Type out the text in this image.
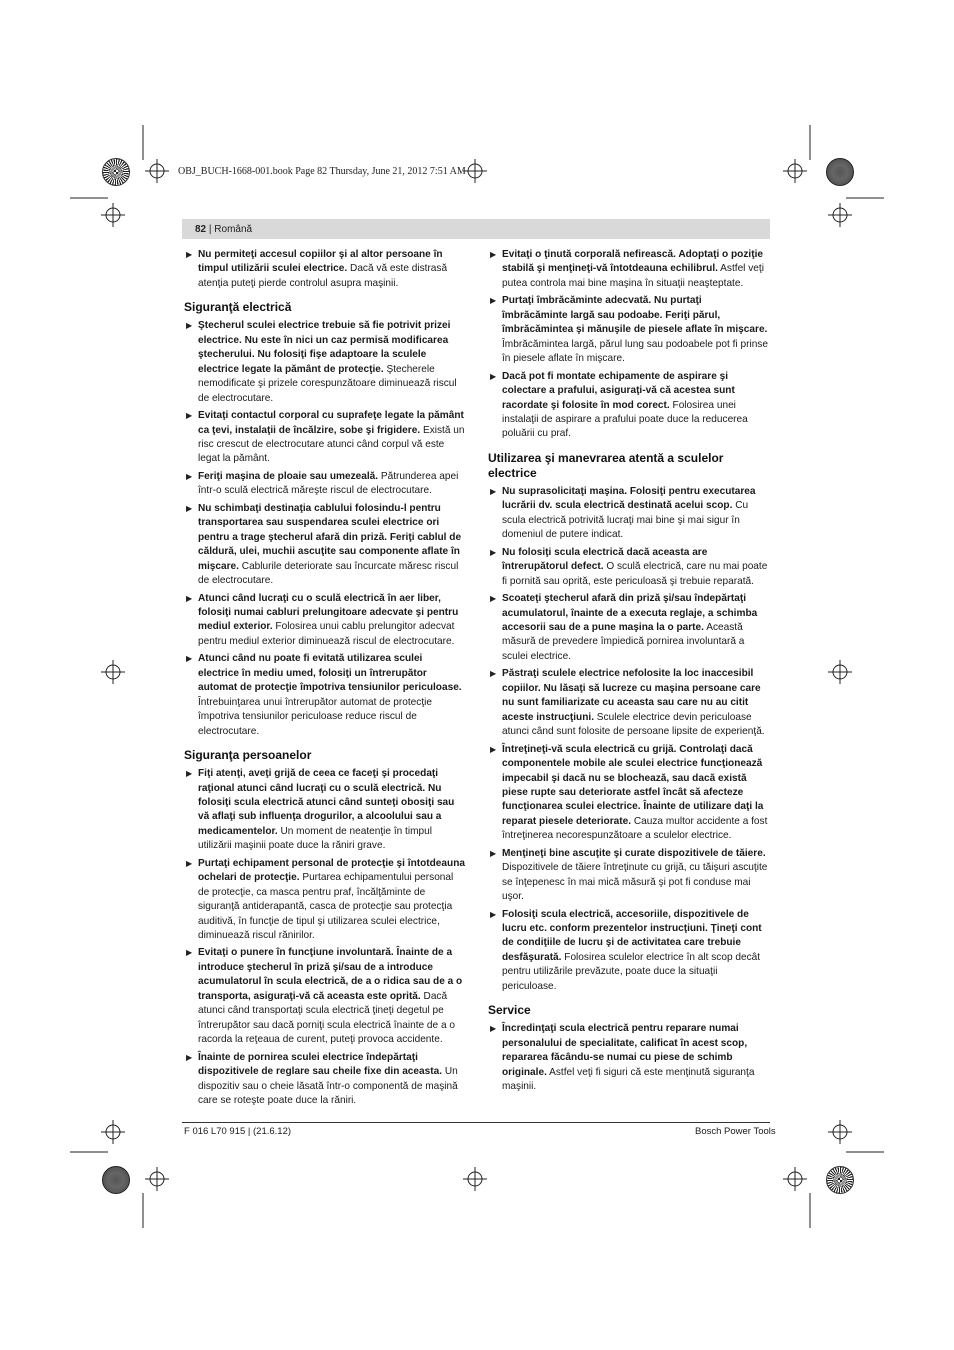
OBJ_BUCH-1668-001.book Page 82 Thursday, June 21, 2012 7:51 AM
82 | Română
▶ Nu permiteţi accesul copiilor şi al altor persoane în timpul utilizării sculei electrice. Dacă vă este distrasă atenţia puteţi pierde controlul asupra maşinii.
Siguranţă electrică
▶ Ştecherul sculei electrice trebuie să fie potrivit prizei electrice. Nu este în nici un caz permisă modificarea ştecherului. Nu folosiţi fişe adaptoare la sculele electrice legate la pământ de protecţie. Ştecherele nemodificate şi prizele corespunzătoare diminuează riscul de electrocutare.
▶ Evitaţi contactul corporal cu suprafeţe legate la pământ ca ţevi, instalaţii de încălzire, sobe şi frigidere. Există un risc crescut de electrocutare atunci când corpul vă este legat la pământ.
▶ Feriţi maşina de ploaie sau umezeală. Pătrunderea apei într-o sculă electrică măreşte riscul de electrocutare.
▶ Nu schimbaţi destinaţia cablului folosindu-l pentru transportarea sau suspendarea sculei electrice ori pentru a trage ştecherul afară din priză. Feriţi cablul de căldură, ulei, muchii ascuţite sau componente aflate în mişcare. Cablurile deteriorate sau încurcate măresc riscul de electrocutare.
▶ Atunci când lucraţi cu o sculă electrică în aer liber, folosiţi numai cabluri prelungitoare adecvate şi pentru mediul exterior. Folosirea unui cablu prelungitor adecvat pentru mediul exterior diminuează riscul de electrocutare.
▶ Atunci când nu poate fi evitată utilizarea sculei electrice în mediu umed, folosiţi un întrerupător automat de protecţie împotriva tensiunilor periculoase. Întrebuinţarea unui întrerupător automat de protecţie împotriva tensiunilor periculoase reduce riscul de electrocutare.
Siguranţa persoanelor
▶ Fiţi atenţi, aveţi grijă de ceea ce faceţi şi procedaţi raţional atunci când lucraţi cu o sculă electrică. Nu folosiţi scula electrică atunci când sunteţi obosiţi sau vă aflaţi sub influenţa drogurilor, a alcoolului sau a medicamentelor. Un moment de neatenţie în timpul utilizării maşinii poate duce la răniri grave.
▶ Purtaţi echipament personal de protecţie şi întotdeauna ochelari de protecţie. Purtarea echipamentului personal de protecţie, ca masca pentru praf, încălţăminte de siguranţă antiderapantă, casca de protecţie sau protecţia auditivă, în funcţie de tipul şi utilizarea sculei electrice, diminuează riscul rănirilor.
▶ Evitaţi o punere în funcţiune involuntară. Înainte de a introduce ştecherul în priză şi/sau de a introduce acumulatorul în scula electrică, de a o ridica sau de a o transporta, asiguraţi-vă că aceasta este oprită. Dacă atunci când transportaţi scula electrică ţineţi degetul pe întrerupător sau dacă porniţi scula electrică înainte de a o racorda la reţeaua de curent, puteţi provoca accidente.
▶ Înainte de pornirea sculei electrice îndepărtaţi dispozitivele de reglare sau cheile fixe din aceasta. Un dispozitiv sau o cheie lăsată într-o componentă de maşină care se roteşte poate duce la răniri.
▶ Evitaţi o ţinută corporală nefirească. Adoptaţi o poziţie stabilă şi menţineţi-vă întotdeauna echilibrul. Astfel veţi putea controla mai bine maşina în situaţii neaşteptate.
▶ Purtaţi îmbrăcăminte adecvată. Nu purtaţi îmbrăcăminte largă sau podoabe. Feriţi părul, îmbrăcămintea şi mănuşile de piesele aflate în mişcare. Îmbrăcămintea largă, părul lung sau podoabele pot fi prinse în piesele aflate în mişcare.
▶ Dacă pot fi montate echipamente de aspirare şi colectare a prafului, asiguraţi-vă că acestea sunt racordate şi folosite în mod corect. Folosirea unei instalaţii de aspirare a prafului poate duce la reducerea poluării cu praf.
Utilizarea şi manevrarea atentă a sculelor electrice
▶ Nu suprasolicitaţi maşina. Folosiţi pentru executarea lucrării dv. scula electrică destinată acelui scop. Cu scula electrică potrivită lucraţi mai bine şi mai sigur în domeniul de putere indicat.
▶ Nu folosiţi scula electrică dacă aceasta are întrerupătorul defect. O sculă electrică, care nu mai poate fi pornită sau oprită, este periculoasă şi trebuie reparată.
▶ Scoateţi ştecherul afară din priză şi/sau îndepărtaţi acumulatorul, înainte de a executa reglaje, a schimba accesorii sau de a pune maşina la o parte. Această măsură de prevedere împiedică pornirea involuntară a sculei electrice.
▶ Păstraţi sculele electrice nefolosite la loc inaccesibil copiilor. Nu lăsaţi să lucreze cu maşina persoane care nu sunt familiarizate cu aceasta sau care nu au citit aceste instrucţiuni. Sculele electrice devin periculoase atunci când sunt folosite de persoane lipsite de experienţă.
▶ Întreţineţi-vă scula electrică cu grijă. Controlaţi dacă componentele mobile ale sculei electrice funcţionează impecabil şi dacă nu se blochează, sau dacă există piese rupte sau deteriorate astfel încât să afecteze funcţionarea sculei electrice. Înainte de utilizare daţi la reparat piesele deteriorate. Cauza multor accidente a fost întreţinerea necorespunzătoare a sculelor electrice.
▶ Menţineţi bine ascuţite şi curate dispozitivele de tăiere. Dispozitivele de tăiere întreţinute cu grijă, cu tăişuri ascuţite se înţepenesc în mai mică măsură şi pot fi conduse mai uşor.
▶ Folosiţi scula electrică, accesoriile, dispozitivele de lucru etc. conform prezentelor instrucţiuni. Ţineţi cont de condiţiile de lucru şi de activitatea care trebuie desfăşurată. Folosirea sculelor electrice în alt scop decât pentru utilizările prevăzute, poate duce la situaţii periculoase.
Service
▶ Încredinţaţi scula electrică pentru reparare numai personalului de specialitate, calificat în acest scop, repararea făcându-se numai cu piese de schimb originale. Astfel veţi fi siguri că este menţinută siguranţa maşinii.
F 016 L70 915 | (21.6.12)	Bosch Power Tools
